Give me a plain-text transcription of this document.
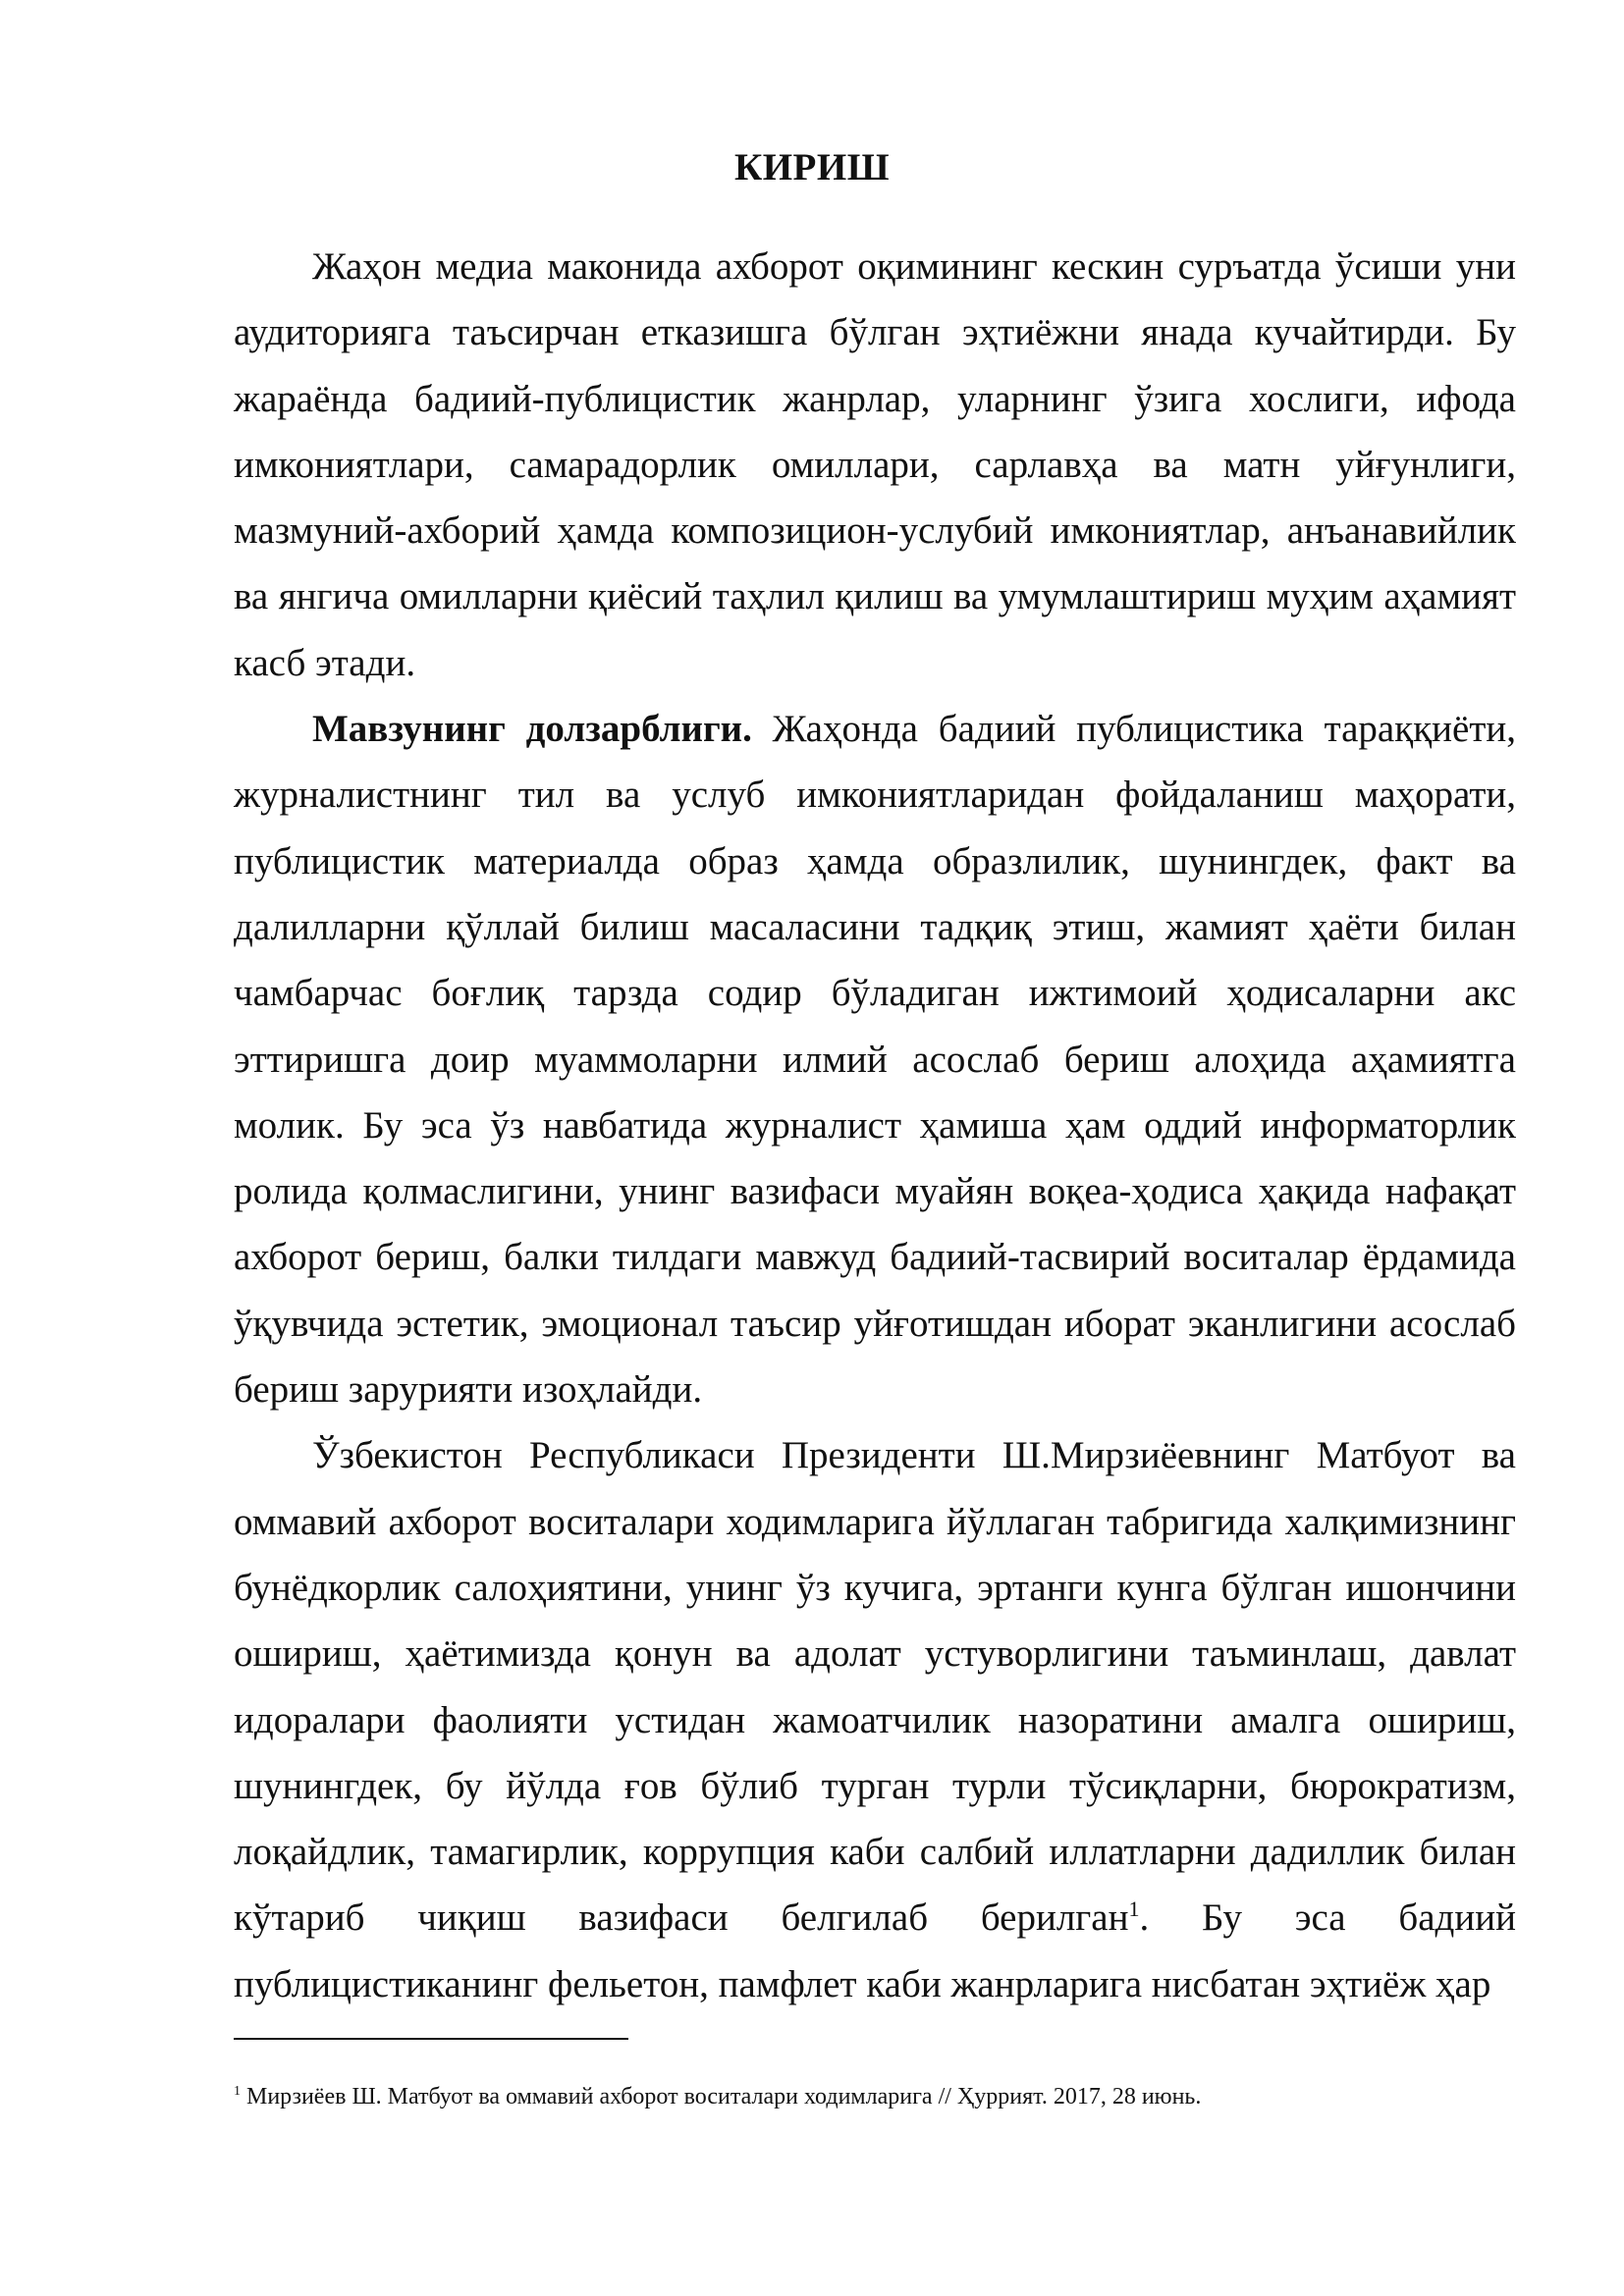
КИРИШ

Жаҳон медиа маконида ахборот оқимининг кескин суръатда ўсиши уни аудиторияга таъсирчан етказишга бўлган эҳтиёжни янада кучайтирди. Бу жараёнда бадиий-публицистик жанрлар, уларнинг ўзига хослиги, ифода имкониятлари, самарадорлик омиллари, сарлавҳа ва матн уйғунлиги, мазмуний-ахборий ҳамда композицион-услубий имкониятлар, анъанавийлик ва янгича омилларни қиёсий таҳлил қилиш ва умумлаштириш муҳим аҳамият касб этади.

Мавзунинг долзарблиги. Жаҳонда бадиий публицистика тараққиёти, журналистнинг тил ва услуб имкониятларидан фойдаланиш маҳорати, публицистик материалда образ ҳамда образлилик, шунингдек, факт ва далилларни қўллай билиш масаласини тадқиқ этиш, жамият ҳаёти билан чамбарчас боғлиқ тарзда содир бўладиган ижтимоий ҳодисаларни акс эттиришга доир муаммоларни илмий асослаб бериш алоҳида аҳамиятга молик. Бу эса ўз навбатида журналист ҳамиша ҳам оддий информаторлик ролида қолмаслигини, унинг вазифаси муайян воқеа-ҳодиса ҳақида нафақат ахборот бериш, балки тилдаги мавжуд бадиий-тасвирий воситалар ёрдамида ўқувчида эстетик, эмоционал таъсир уйғотишдан иборат эканлигини асослаб бериш зарурияти изоҳлайди.

Ўзбекистон Республикаси Президенти Ш.Мирзиёевнинг Матбуот ва оммавий ахборот воситалари ходимларига йўллаган табригида халқимизнинг бунёдкорлик салоҳиятини, унинг ўз кучига, эртанги кунга бўлган ишончини ошириш, ҳаётимизда қонун ва адолат устуворлигини таъминлаш, давлат идоралари фаолияти устидан жамоатчилик назоратини амалга ошириш, шунингдек, бу йўлда ғов бўлиб турган турли тўсиқларни, бюрократизм, лоқайдлик, тамагирлик, коррупция каби салбий иллатларни дадиллик билан кўтариб чиқиш вазифаси белгилаб берилган$^1$. Бу эса бадиий публицистиканинг фельетон, памфлет каби жанрларига нисбатан эҳтиёж ҳар

$^1$ Мирзиёев Ш. Матбуот ва оммавий ахборот воситалари ходимларига // Ҳуррият. 2017, 28 июнь.
